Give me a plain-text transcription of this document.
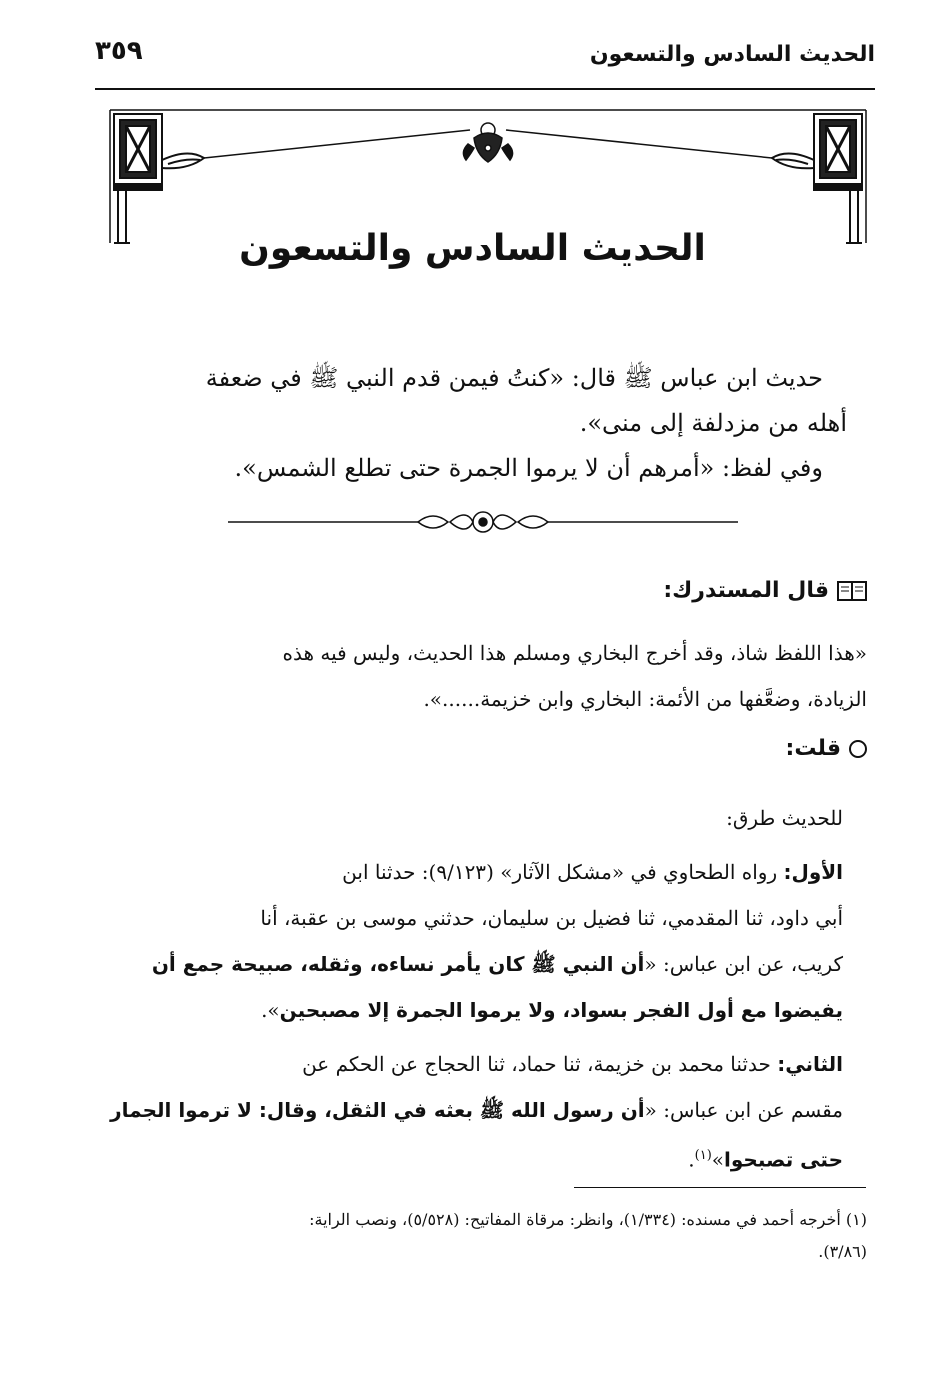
الحديث السادس والتسعون
٣٥٩
الحديث السادس والتسعون

حديث ابن عباس ﷺ قال: «كنتُ فيمن قدم النبي ﷺ في ضعفة

أهله من مزدلفة إلى منى».

وفي لفظ: «أمرهم أن لا يرموا الجمرة حتى تطلع الشمس».

قال المستدرك:

«هذا اللفظ شاذ، وقد أخرج البخاري ومسلم هذا الحديث، وليس فيه هذه

الزيادة، وضعَّفها من الأئمة: البخاري وابن خزيمة......».

قلت:

للحديث طرق:

الأول: رواه الطحاوي في «مشكل الآثار» (٩/١٢٣): حدثنا ابن
أبي داود، ثنا المقدمي، ثنا فضيل بن سليمان، حدثني موسى بن عقبة، أنا
كريب، عن ابن عباس: «أن النبي ﷺ كان يأمر نساءه، وثقله، صبيحة جمع أن
يفيضوا مع أول الفجر بسواد، ولا يرموا الجمرة إلا مصبحين».

الثاني: حدثنا محمد بن خزيمة، ثنا حماد، ثنا الحجاج عن الحكم عن
مقسم عن ابن عباس: «أن رسول الله ﷺ بعثه في الثقل، وقال: لا ترموا الجمار
حتى تصبحوا»$^{(١)}$.

(١) أخرجه أحمد في مسنده: (١/٣٣٤)، وانظر: مرقاة المفاتيح: (٥/٥٢٨)، ونصب الراية:

(٣/٨٦).
